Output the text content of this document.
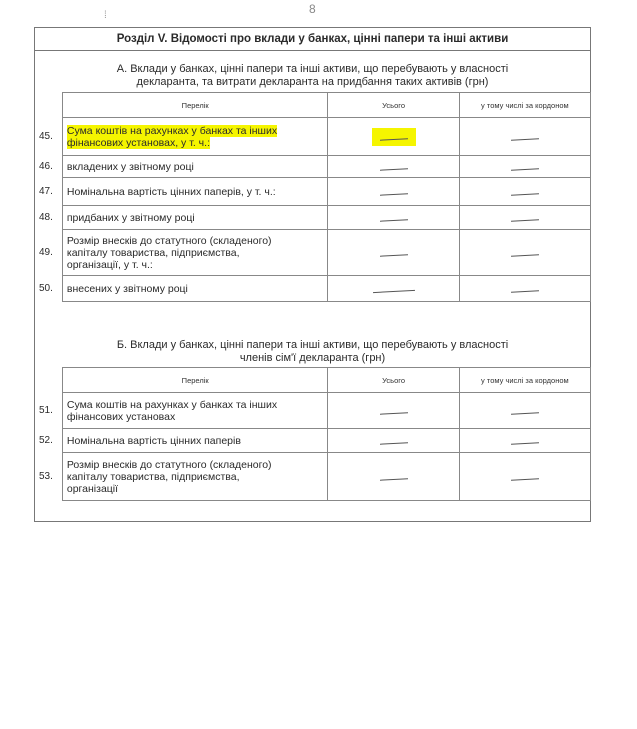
⁞	8
Розділ V. Відомості про вклади у банках, цінні папери та інші активи
А. Вклади у банках, цінні папери та інші активи, що перебувають у власності
декларанта, та витрати декларанта на придбання таких активів (грн)
	Перелік	Усього	у тому числі за кордоном
45.	Сума коштів на рахунках у банках та інших
фінансових установах, у т. ч.:		
46.	вкладених у звітному році		
47.	Номінальна вартість цінних паперів, у т. ч.:		
48.	придбаних у звітному році		
49.	Розмір внесків до статутного (складеного)
капіталу товариства, підприємства,
організації, у т. ч.:		
50.	внесених у звітному році		
Б. Вклади у банках, цінні папери та інші активи, що перебувають у власності
членів сім'ї декларанта (грн)
	Перелік	Усього	у тому числі за кордоном
51.	Сума коштів на рахунках у банках та інших
фінансових установах		
52.	Номінальна вартість цінних паперів		
53.	Розмір внесків до статутного (складеного)
капіталу товариства, підприємства,
організації		
